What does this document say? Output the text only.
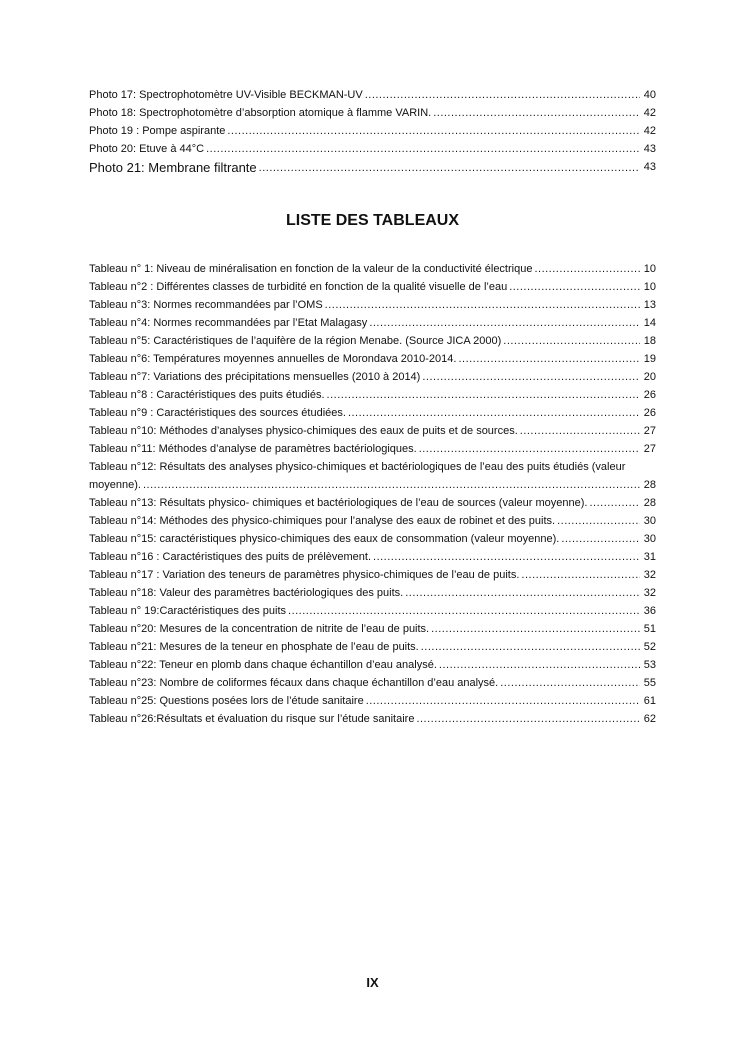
Photo 17: Spectrophotomètre UV-Visible BECKMAN-UV .....	40
Photo 18: Spectrophotomètre d’absorption atomique à flamme VARIN. .....	42
Photo 19 : Pompe aspirante .....	42
Photo 20: Etuve à 44°C .....	43
Photo 21: Membrane filtrante .....	43
LISTE DES TABLEAUX
Tableau n° 1: Niveau de minéralisation en fonction de la valeur de la conductivité électrique .....	10
Tableau n°2 : Différentes classes de turbidité en fonction de la qualité visuelle de l’eau .....	10
Tableau n°3: Normes recommandées par l’OMS .....	13
Tableau n°4: Normes recommandées par l’Etat Malagasy .....	14
Tableau n°5: Caractéristiques de l’aquifère de la région Menabe. (Source JICA 2000) .....	18
Tableau n°6: Températures moyennes annuelles de Morondava 2010-2014. .....	19
Tableau n°7: Variations des précipitations mensuelles (2010 à 2014) .....	20
Tableau n°8 : Caractéristiques des puits étudiés. .....	26
Tableau n°9 : Caractéristiques des sources étudiées. .....	26
Tableau n°10: Méthodes d’analyses physico-chimiques des eaux de puits et de sources. .....	27
Tableau n°11: Méthodes d’analyse de paramètres bactériologiques. .....	27
Tableau n°12: Résultats des analyses physico-chimiques et bactériologiques de l’eau des puits étudiés (valeur
moyenne). .....	28
Tableau n°13: Résultats physico- chimiques et bactériologiques de l’eau de sources (valeur moyenne). .....	28
Tableau n°14: Méthodes des physico-chimiques pour l’analyse des eaux de robinet et des puits. .....	30
Tableau n°15: caractéristiques physico-chimiques des eaux de consommation (valeur moyenne). .....	30
Tableau n°16 : Caractéristiques des puits de prélèvement. .....	31
Tableau n°17 : Variation des teneurs de paramètres physico-chimiques de l’eau de puits. .....	32
Tableau n°18: Valeur des paramètres bactériologiques des puits. .....	32
Tableau n° 19:Caractéristiques des puits .....	36
Tableau n°20: Mesures de la concentration de nitrite de l’eau de puits. .....	51
Tableau n°21: Mesures de la teneur en phosphate de l’eau de puits. .....	52
Tableau n°22: Teneur en plomb dans chaque échantillon d’eau analysé. .....	53
Tableau n°23: Nombre de coliformes fécaux dans chaque échantillon d’eau analysé. .....	55
Tableau n°25: Questions posées lors de l’étude sanitaire .....	61
Tableau n°26:Résultats et évaluation du risque sur l’étude sanitaire .....	62
IX
